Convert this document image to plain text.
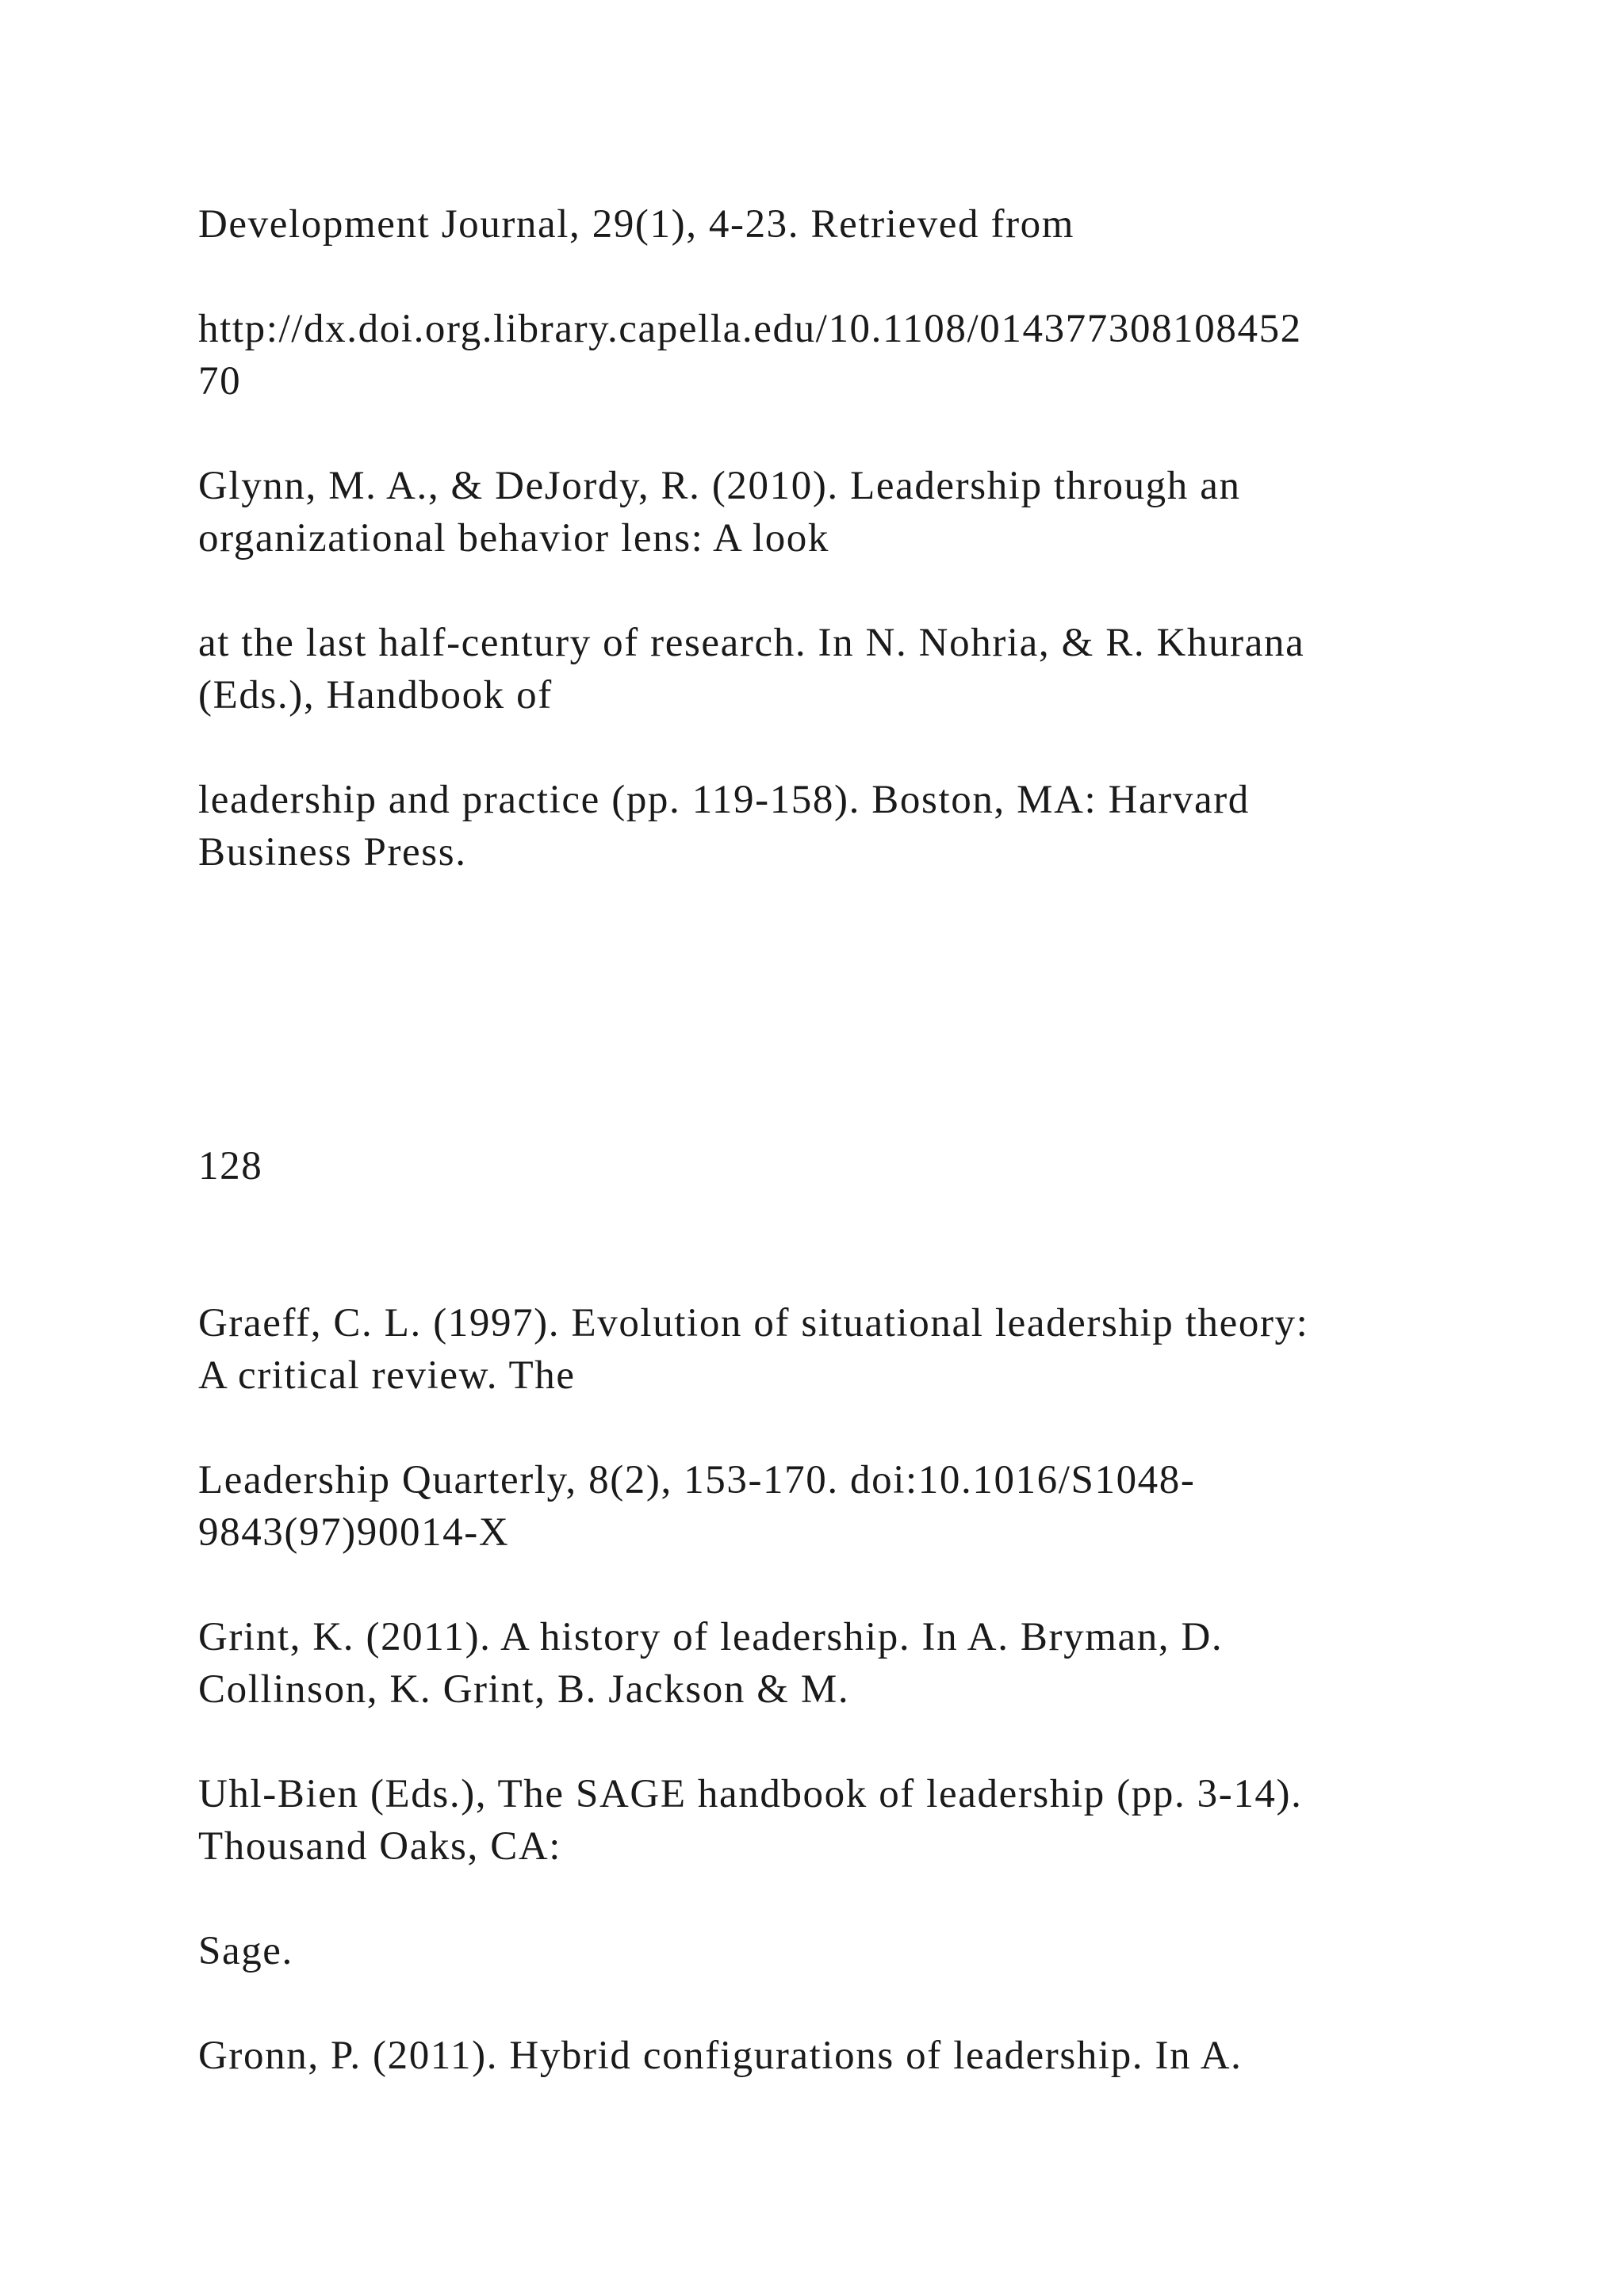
Development Journal, 29(1), 4-23. Retrieved from

http://dx.doi.org.library.capella.edu/10.1108/014377308108452
70

Glynn, M. A., & DeJordy, R. (2010). Leadership through an
organizational behavior lens: A look

at the last half-century of research. In N. Nohria, & R. Khurana
(Eds.), Handbook of

leadership and practice (pp. 119-158). Boston, MA: Harvard
Business Press.

128

Graeff, C. L. (1997). Evolution of situational leadership theory:
A critical review. The

Leadership Quarterly, 8(2), 153-170. doi:10.1016/S1048-
9843(97)90014-X

Grint, K. (2011). A history of leadership. In A. Bryman, D.
Collinson, K. Grint, B. Jackson & M.

Uhl-Bien (Eds.), The SAGE handbook of leadership (pp. 3-14).
Thousand Oaks, CA:

Sage.

Gronn, P. (2011). Hybrid configurations of leadership. In A.
